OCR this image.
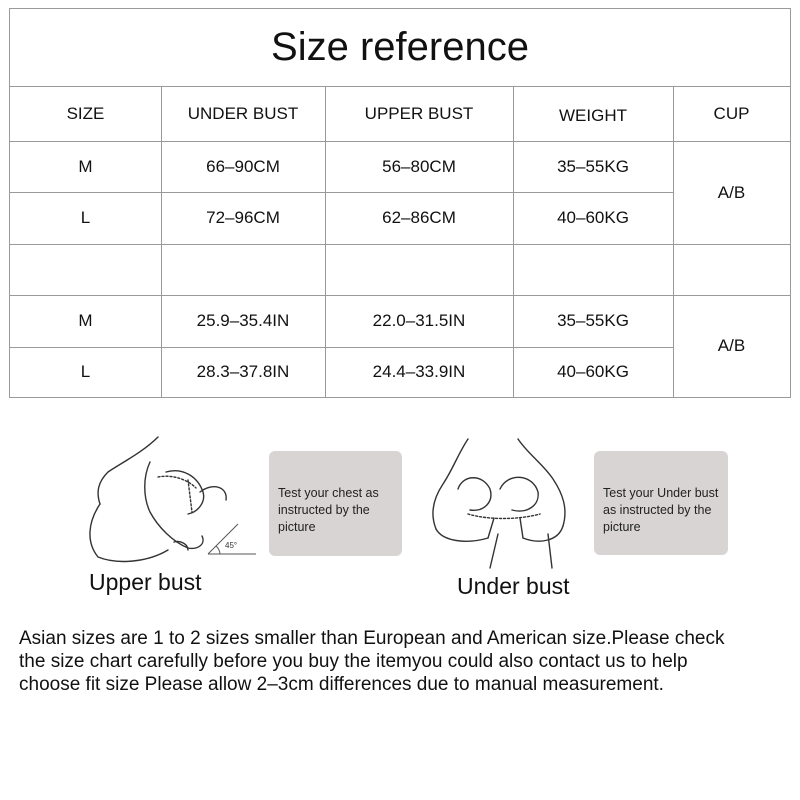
Size reference
SIZE	UNDER BUST	UPPER BUST	WEIGHT	CUP
M	66–90CM	56–80CM	35–55KG
L	72–96CM	62–86CM	40–60KG
A/B
M	25.9–35.4IN	22.0–31.5IN	35–55KG
L	28.3–37.8IN	24.4–33.9IN	40–60KG
A/B
45°
Test your chest as instructed by the picture
Upper bust
Test your Under bust as instructed by the picture
Under bust
Asian sizes are 1 to 2 sizes smaller than European and American size.Please check
the size chart carefully before you buy the itemyou could also contact us to help
choose fit size Please allow 2–3cm differences due to manual measurement.
